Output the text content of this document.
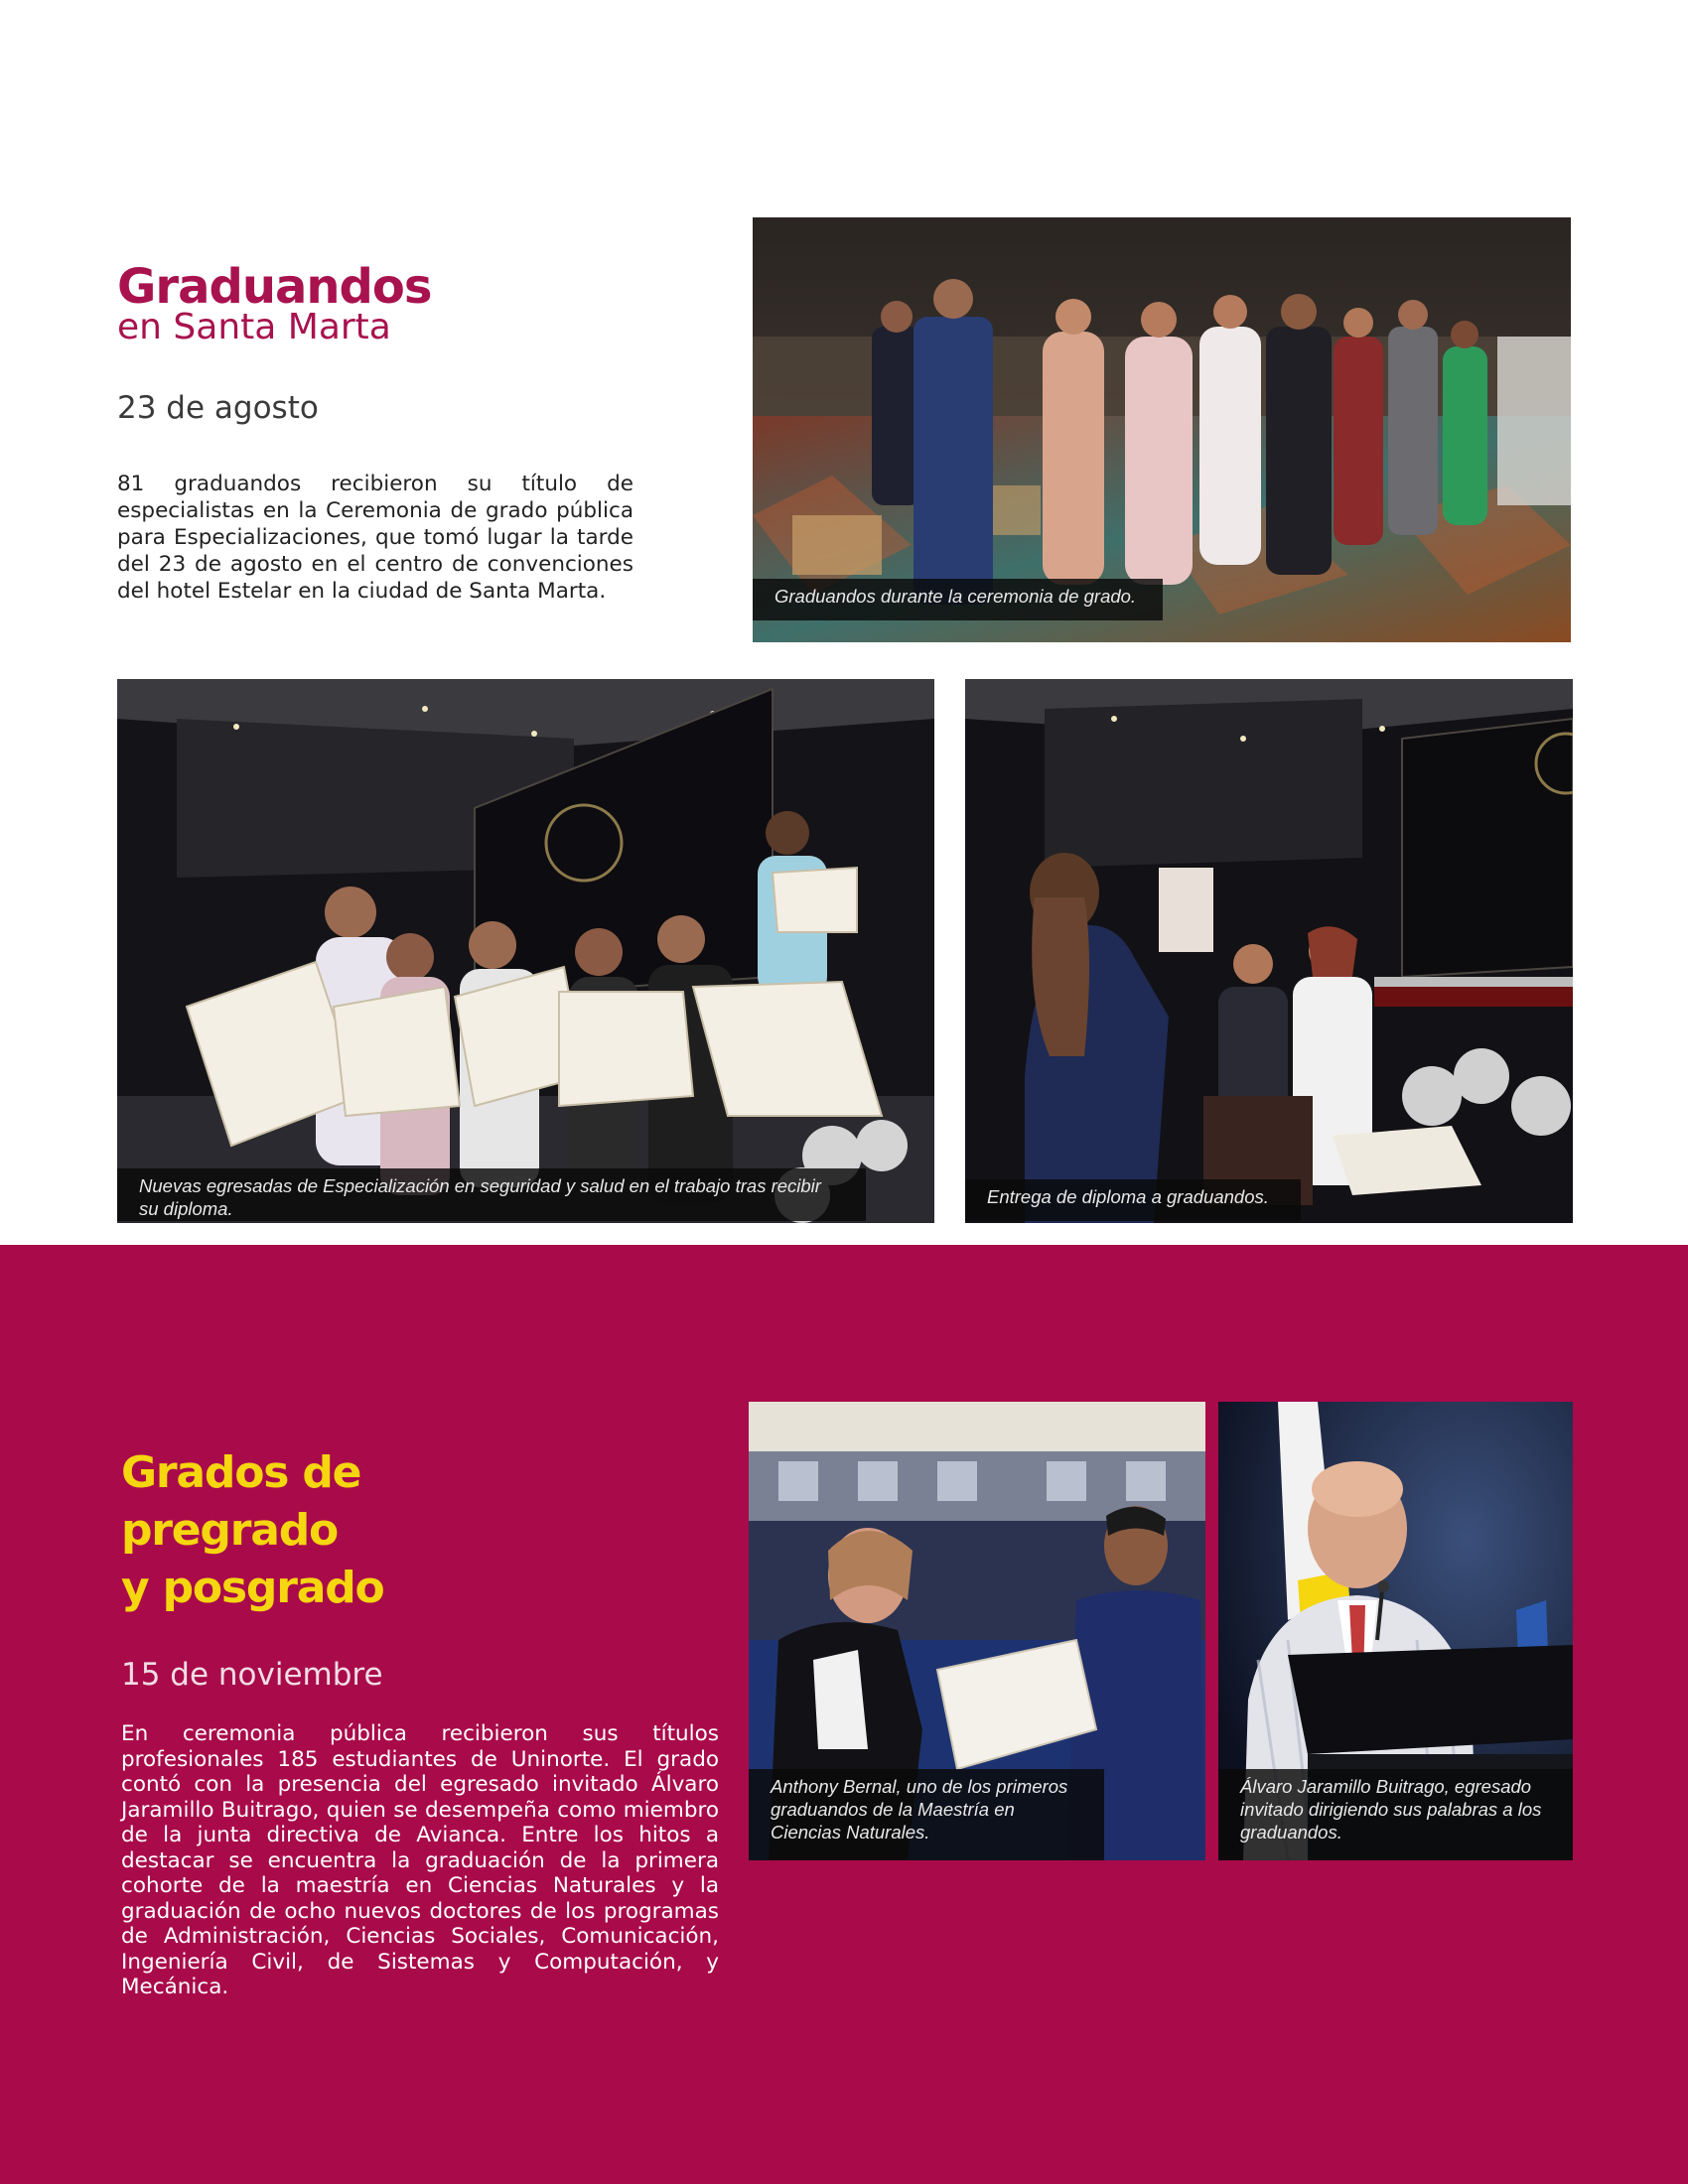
Graduandos
en Santa Marta
23 de agosto

81 graduandos recibieron su título de especialistas en la Ceremonia de grado pública para Especializaciones, que tomó lugar la tarde del 23 de agosto en el centro de convenciones del hotel Estelar en la ciudad de Santa Marta.	Graduandos durante la ceremonia de grado.
Nuevas egresadas de Especialización en seguridad y salud en el trabajo tras recibir su diploma.
Entrega de diploma a graduandos.
Grados de
pregrado
y posgrado
15 de noviembre

En ceremonia pública recibieron sus títulos profesionales 185 estudiantes de Uninorte. El grado contó con la presencia del egresado invitado Álvaro Jaramillo Buitrago, quien se desempeña como miembro de la junta directiva de Avianca. Entre los hitos a destacar se encuentra la graduación de la primera cohorte de la maestría en Ciencias Naturales y la graduación de ocho nuevos doctores de los programas de Administración, Ciencias Sociales, Comunicación, Ingeniería Civil, de Sistemas y Computación, y Mecánica.

Anthony Bernal, uno de los primeros graduandos de la Maestría en Ciencias Naturales.
Álvaro Jaramillo Buitrago, egresado invitado dirigiendo sus palabras a los graduandos.
